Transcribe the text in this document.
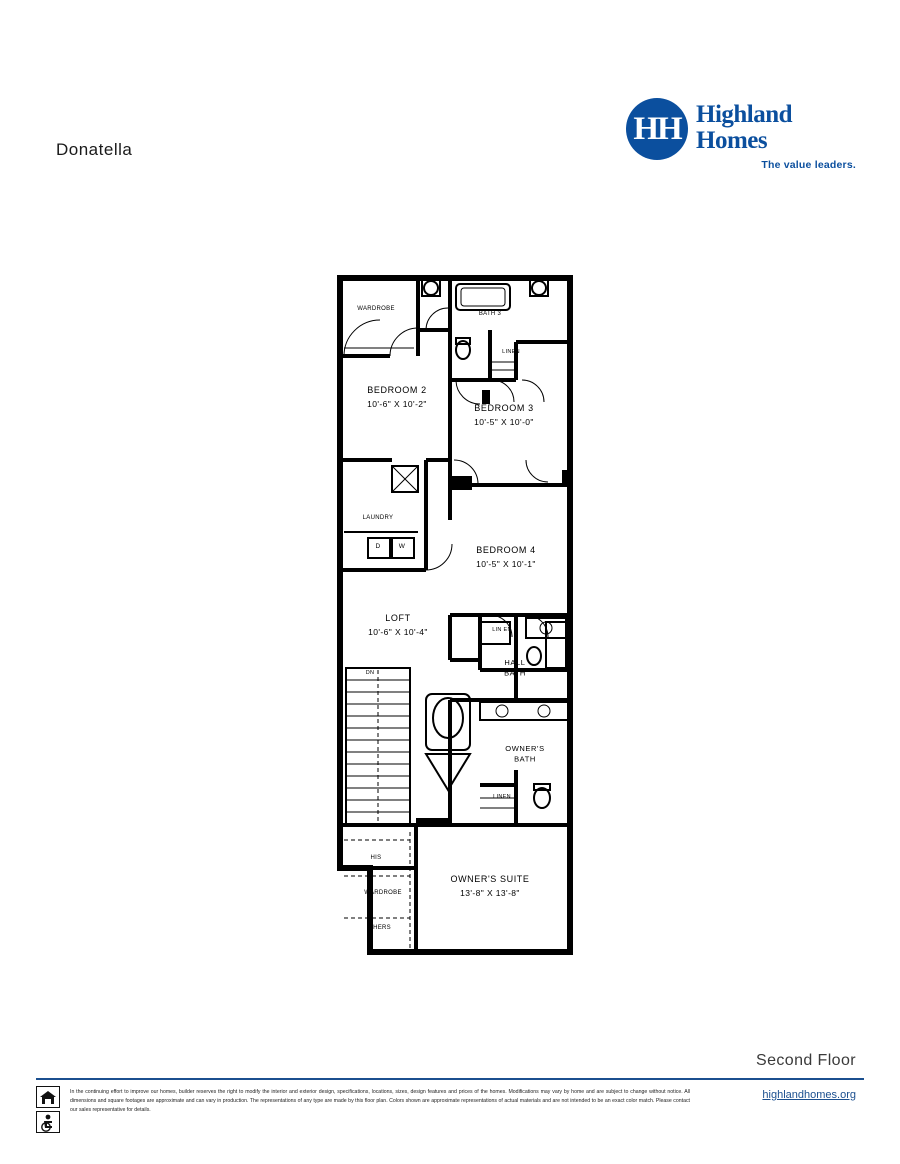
Donatella
HH Highland Homes
The value leaders.
WARDROBE
BATH 3
LINEN
BEDROOM 2
10'-6" X 10'-2"	BEDROOM 3
10'-5" X 10'-0"
LAUNDRY
BEDROOM 4
10'-5" X 10'-1"
LOFT
10'-6" X 10'-4"	LIN EN
HALL BATH
DN
OWNER'S BATH
LINEN
HIS
WARDROBE
HERS
OWNER'S SUITE
13'-8" X 13'-8"
D	W
Second Floor
highlandhomes.org
In the continuing effort to improve our homes, builder reserves the right to modify the interior and exterior design, specifications, locations, sizes, design features and prices of the homes. Modifications may vary by home and are subject to change without notice. All dimensions and square footages are approximate and can vary in production. The representations of any type are made by this floor plan. Colors shown are approximate representations of actual materials and are not intended to be an exact color match. Please contact our sales representative for details.
